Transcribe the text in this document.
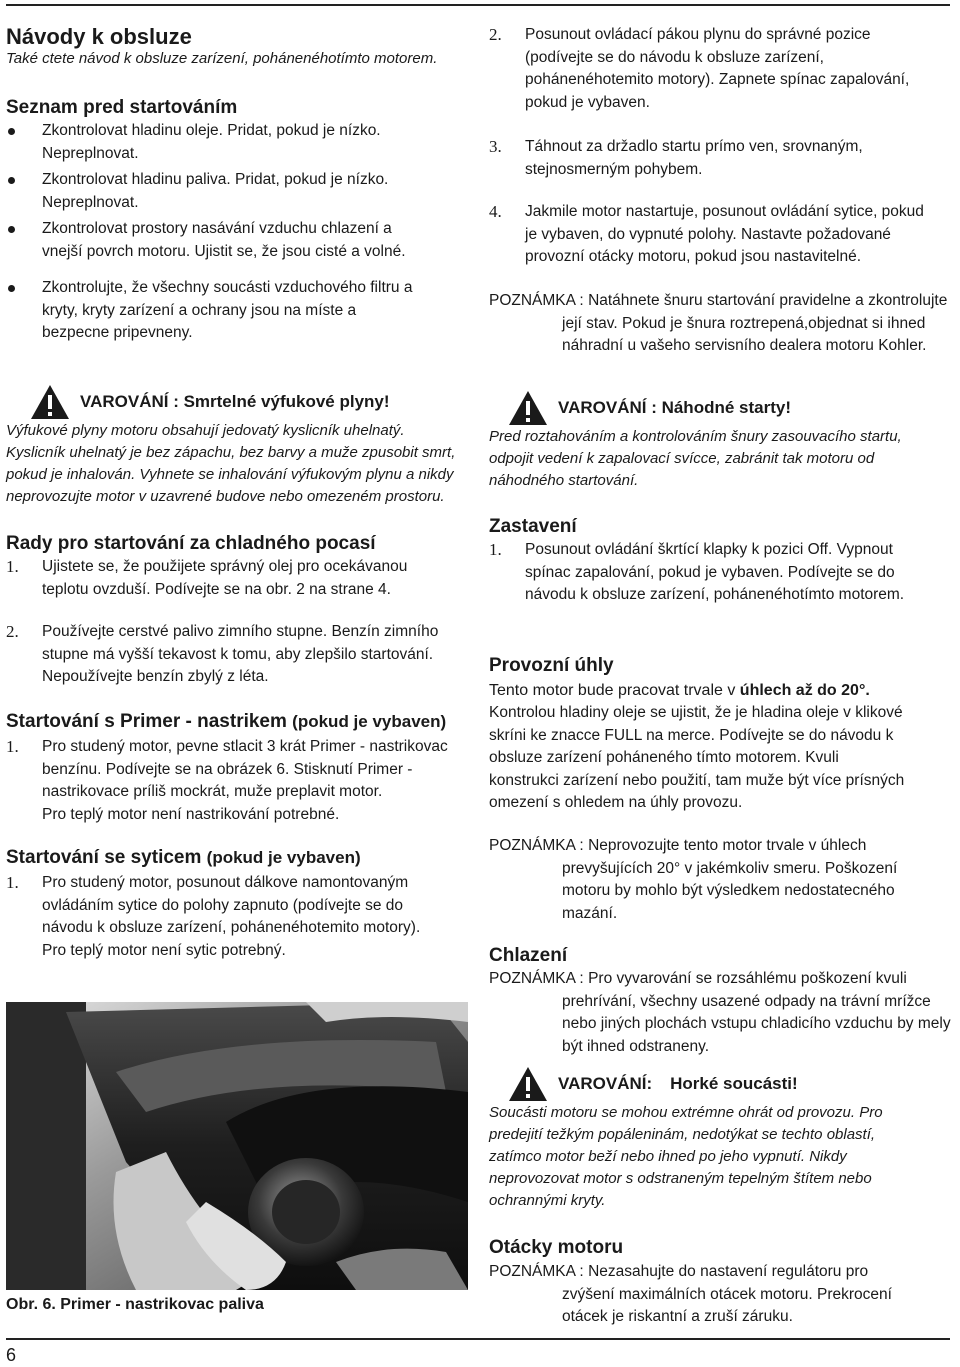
Návody k obsluze
Také ctete návod k obsluze zarízení, pohánenéhotímto motorem.
Seznam pred startováním
Zkontrolovat hladinu oleje. Pridat, pokud je nízko. Nepreplnovat.
Zkontrolovat hladinu paliva. Pridat, pokud je nízko. Nepreplnovat.
Zkontrolovat prostory nasávání vzduchu chlazení a vnejší povrch motoru. Ujistit se, že jsou cisté a volné.
Zkontrolujte, že všechny soucásti vzduchového filtru a kryty, kryty zarízení a ochrany jsou na míste a bezpecne pripevneny.
VAROVÁNÍ : Smrtelné výfukové plyny!
Výfukové plyny motoru obsahují jedovatý kyslicník uhelnatý. Kyslicník uhelnatý je bez zápachu, bez barvy a muže zpusobit smrt, pokud je inhalován. Vyhnete se inhalování výfukovým plynu a nikdy neprovozujte motor v uzavrené budove nebo omezeném prostoru.
Rady pro startování za chladného pocasí
1. Ujistete se, že použijete správný olej pro ocekávanou teplotu ovzduší. Podívejte se na obr. 2 na strane 4.
2. Používejte cerstvé palivo zimního stupne. Benzín zimního stupne má vyšší tekavost k tomu, aby zlepšilo startování. Nepoužívejte benzín zbylý z léta.
Startování s Primer - nastrikem (pokud je vybaven)
1. Pro studený motor, pevne stlacit 3 krát Primer - nastrikovac benzínu. Podívejte se na obrázek 6. Stisknutí Primer - nastrikovace príliš mockrát, muže preplavit motor.
Pro teplý motor není nastrikování potrebné.
Startování se syticem (pokud je vybaven)
1. Pro studený motor, posunout dálkove namontovaným ovládáním sytice do polohy zapnuto (podívejte se do návodu k obsluze zarízení, pohánenéhotemito motory).
Pro teplý motor není sytic potrebný.
Obr. 6. Primer - nastrikovac paliva
2. Posunout ovládací pákou plynu do správné pozice (podívejte se do návodu k obsluze zarízení, pohánenéhotemito motory). Zapnete spínac zapalování, pokud je vybaven.
3. Táhnout za držadlo startu prímo ven, srovnaným, stejnosmerným pohybem.
4. Jakmile motor nastartuje, posunout ovládání sytice, pokud je vybaven, do vypnuté polohy. Nastavte požadované provozní otácky motoru, pokud jsou nastavitelné.
POZNÁMKA : Natáhnete šnuru startování pravidelne a zkontrolujte její stav. Pokud je šnura roztrepená,objednat si ihned náhradní u vašeho servisního dealera motoru Kohler.
VAROVÁNÍ : Náhodné starty!
Pred roztahováním a kontrolováním šnury zasouvacího startu, odpojit vedení k zapalovací svícce, zabránit tak motoru od náhodného startování.
Zastavení
1. Posunout ovládání škrtící klapky k pozici Off. Vypnout spínac zapalování, pokud je vybaven. Podívejte se do návodu k obsluze zarízení, pohánenéhotímto motorem.
Provozní úhly
Tento motor bude pracovat trvale v úhlech až do 20°.
Kontrolou hladiny oleje se ujistit, že je hladina oleje v klikové skríni ke znacce FULL na merce. Podívejte se do návodu k obsluze zarízení poháneného tímto motorem. Kvuli konstrukci zarízení nebo použití, tam muže být více prísných omezení s ohledem na úhly provozu.
POZNÁMKA : Neprovozujte tento motor trvale v úhlech prevyšujících 20° v jakémkoliv smeru. Poškození motoru by mohlo být výsledkem nedostatecného mazání.
Chlazení
POZNÁMKA : Pro vyvarování se rozsáhlému poškození kvuli prehrívání, všechny usazené odpady na trávní mrížce nebo jiných plochách vstupu chladicího vzduchu by mely být ihned odstraneny.
VAROVÁNÍ: Horké soucásti!
Soucásti motoru se mohou extrémne ohrát od provozu. Pro predejití težkým popáleninám, nedotýkat se techto oblastí, zatímco motor beží nebo ihned po jeho vypnutí. Nikdy neprovozovat motor s odstraneným tepelným štítem nebo ochrannými kryty.
Otácky motoru
POZNÁMKA : Nezasahujte do nastavení regulátoru pro zvýšení maximálních otácek motoru. Prekrocení otácek je riskantní a zruší záruku.
6
